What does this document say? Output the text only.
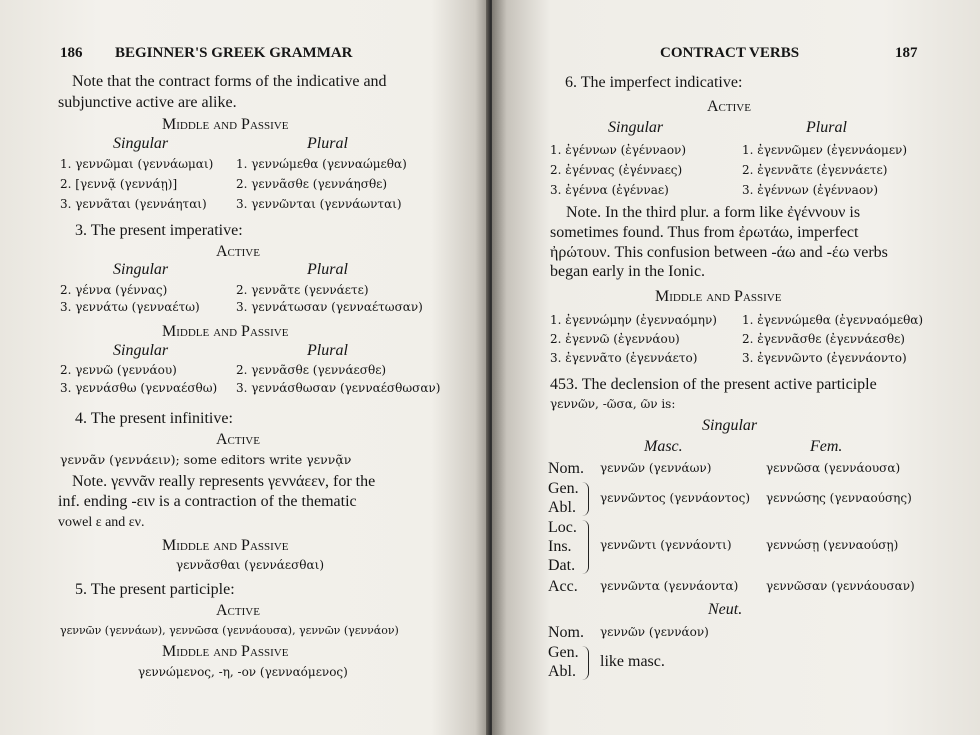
186 BEGINNER'S GREEK GRAMMAR
Note that the contract forms of the indicative and
subjunctive active are alike.
Middle and Passive
Singular	Plural
1. γεννῶμαι (γεννάωμαι) 1. γεννώμεθα (γενναώμεθα)
2. [γεννᾷ (γεννάῃ)]	2. γεννᾶσθε (γεννάησθε)
3. γεννᾶται (γεννάηται) 3. γεννῶνται (γεννάωνται)
3. The present imperative:
Active
Singular	Plural
2. γέννα (γέννας)	2. γεννᾶτε (γεννάετε)
3. γεννάτω (γενναέτω)	3. γεννάτωσαν (γενναέτωσαν)
Middle and Passive
Singular	Plural
2. γεννῶ (γεννάου)	2. γεννᾶσθε (γεννάεσθε)
3. γεννάσθω (γενναέσθω) 3. γεννάσθωσαν (γενναέσθωσαν)
4. The present infinitive:
Active
γεννᾶν (γεννάειν); some editors write γεννᾷν
Note. γεννᾶν really represents γεννάεεν, for the
inf. ending -ειν is a contraction of the thematic
vowel ε and εν.
Middle and Passive
γεννᾶσθαι (γεννάεσθαι)
5. The present participle:
Active
γεννῶν (γεννάων), γεννῶσα (γεννάουσα), γεννῶν (γεννάον)
Middle and Passive
γεννώμενος, -η, -ον (γενναόμενος)
CONTRACT VERBS	187
6. The imperfect indicative:
Active
Singular	Plural
1. ἐγέννων (ἐγέννaον)	1. ἐγεννῶμεν (ἐγεννάομεν)
2. ἐγέννας (ἐγέννaες)	2. ἐγεννᾶτε (ἐγεννάετε)
3. ἐγέννα (ἐγέννaε)	3. ἐγέννων (ἐγέννaον)
Note. In the third plur. a form like ἐγέννουν is
sometimes found. Thus from ἐρωτάω, imperfect
ἠρώτουν. This confusion between -άω and -έω verbs
began early in the Ionic.
Middle and Passive
1. ἐγεννώμην (ἐγενναόμην) 1. ἐγεννώμεθα (ἐγενναόμεθα)
2. ἐγεννῶ (ἐγεννάου)	2. ἐγεννᾶσθε (ἐγεννάεσθε)
3. ἐγεννᾶτο (ἐγεννάετο)	3. ἐγεννῶντο (ἐγεννάοντο)
453. The declension of the present active participle
γεννῶν, -ῶσα, ῶν is:
Singular
Masc.	Fem.
Nom. γεννῶν (γεννάων)	γεννῶσα (γεννάουσα)
Gen.
Abl.
γεννῶντος (γεννάοντος) γεννώσης (γενναούσης)
Loc.
Ins.
Dat.
γεννῶντι (γεννάοντι)	γεννώσῃ (γενναούσῃ)
Acc. γεννῶντα (γεννάοντα) γεννῶσαν (γεννάουσαν)
Neut.
Nom. γεννῶν (γεννάον)
Gen.
Abl.
like masc.
